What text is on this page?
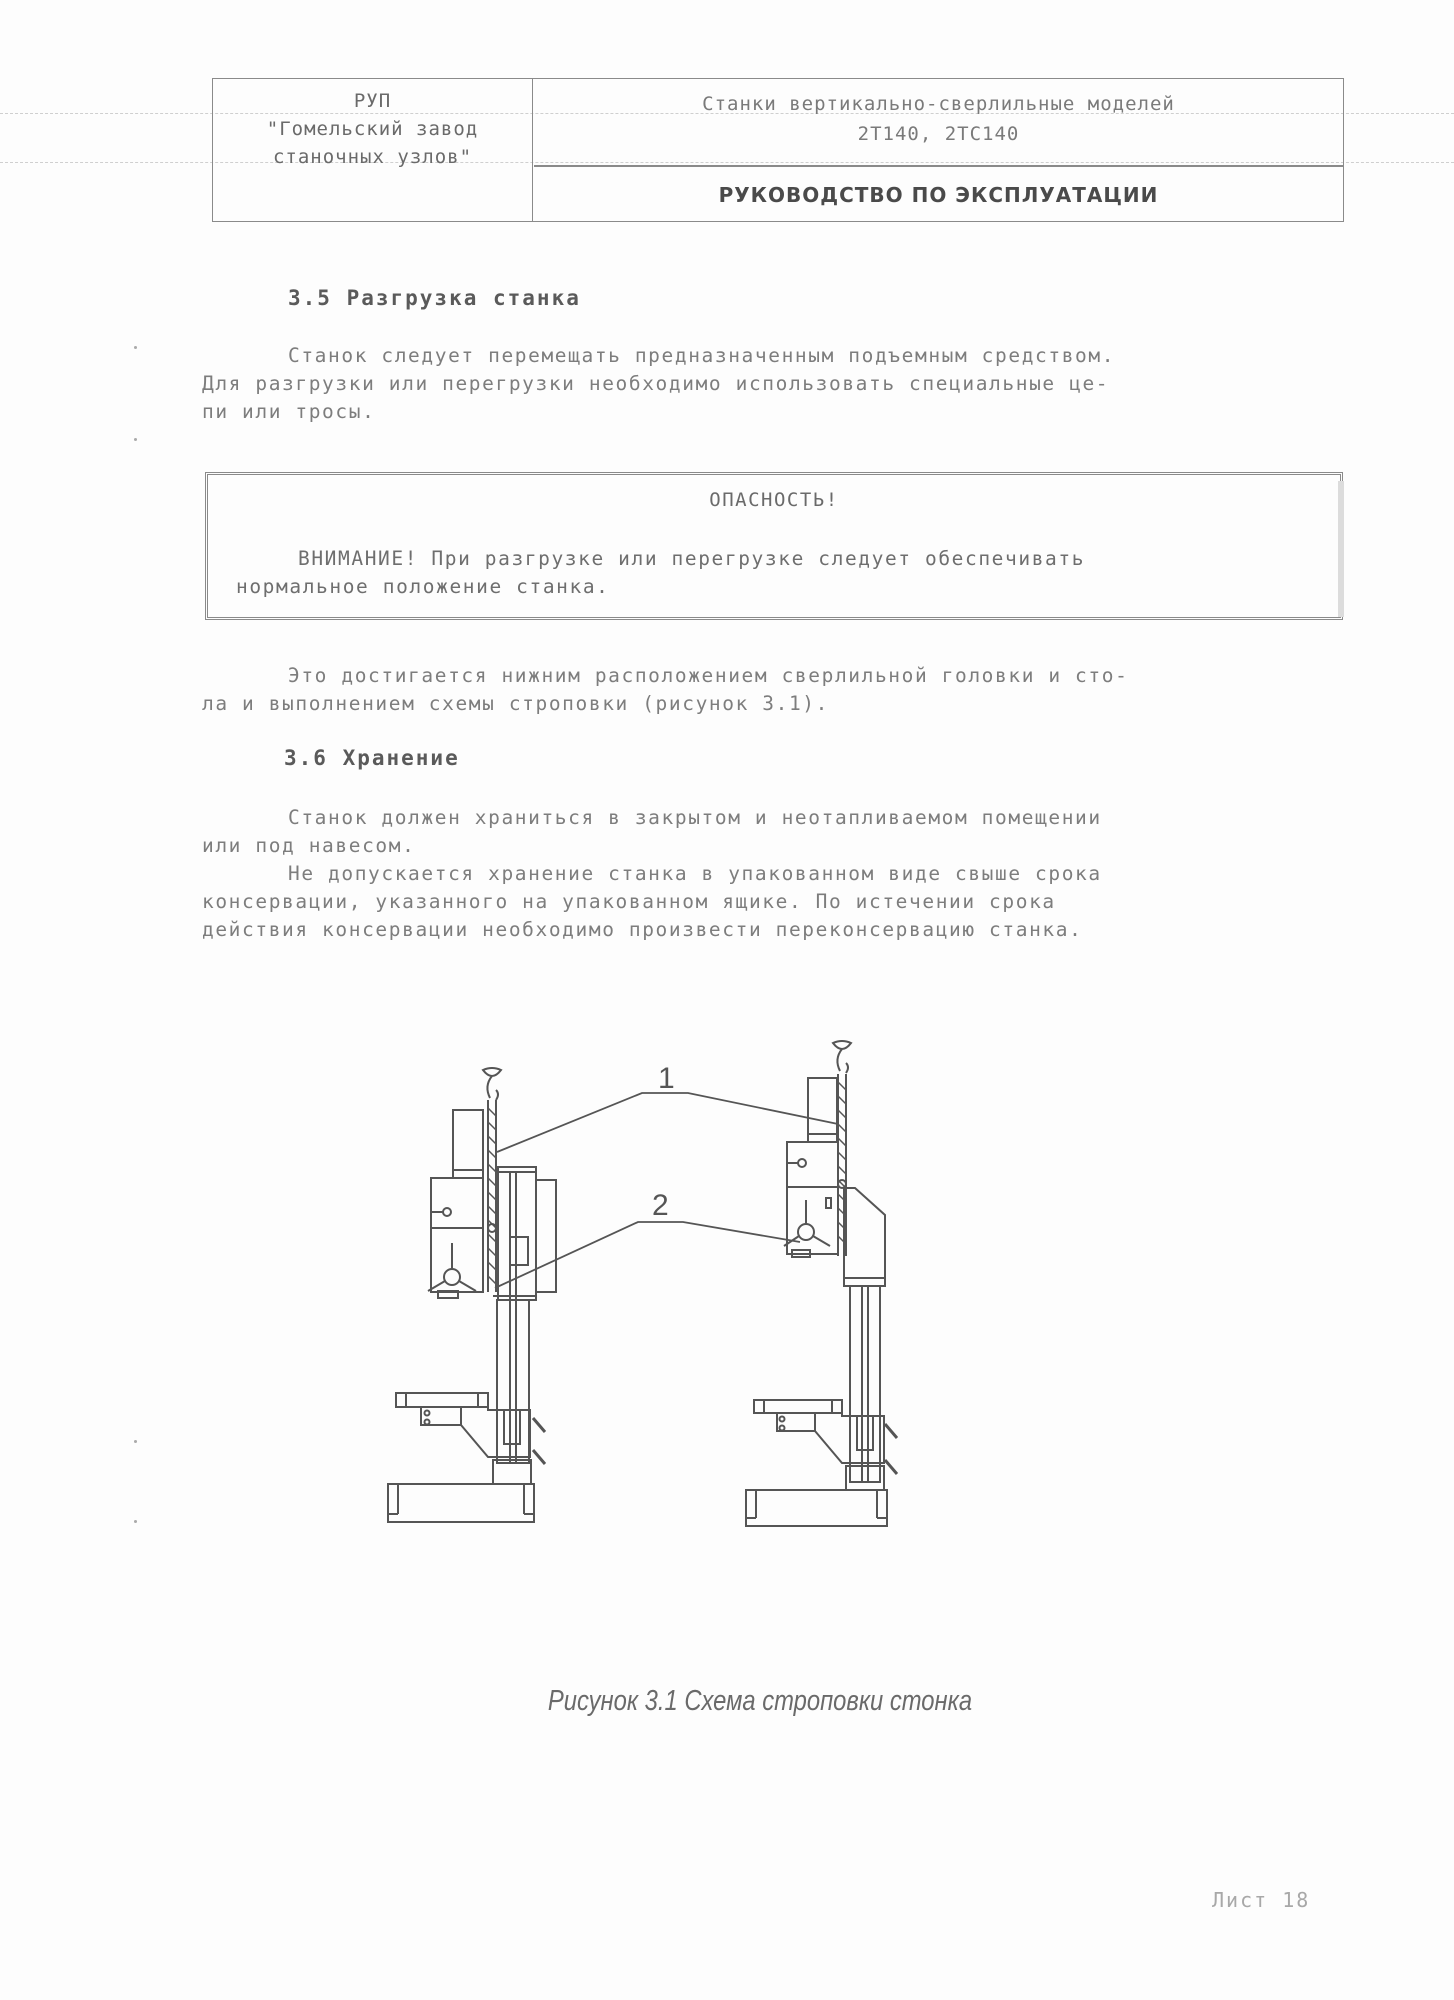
РУП
"Гомельский завод
станочных узлов"
Станки вертикально-сверлильные моделей
2Т140, 2ТС140
РУКОВОДСТВО ПО ЭКСПЛУАТАЦИИ
3.5 Разгрузка станка

Станок следует перемещать предназначенным подъемным средством.

Для разгрузки или перегрузки необходимо использовать специальные це-

пи или тросы.

ОПАСНОСТЬ!

ВНИМАНИЕ! При разгрузке или перегрузке следует обеспечивать

нормальное положение станка.

Это достигается нижним расположением сверлильной головки и сто-

ла и выполнением схемы строповки (рисунок 3.1).

3.6 Хранение

Станок должен храниться в закрытом и неотапливаемом помещении

или под навесом.

Не допускается хранение станка в упакованном виде свыше срока

консервации, указанного на упакованном ящике. По истечении срока

действия консервации необходимо произвести переконсервацию станка.

1
2
Рисунок 3.1 Схема строповки стонка
Лист 18
